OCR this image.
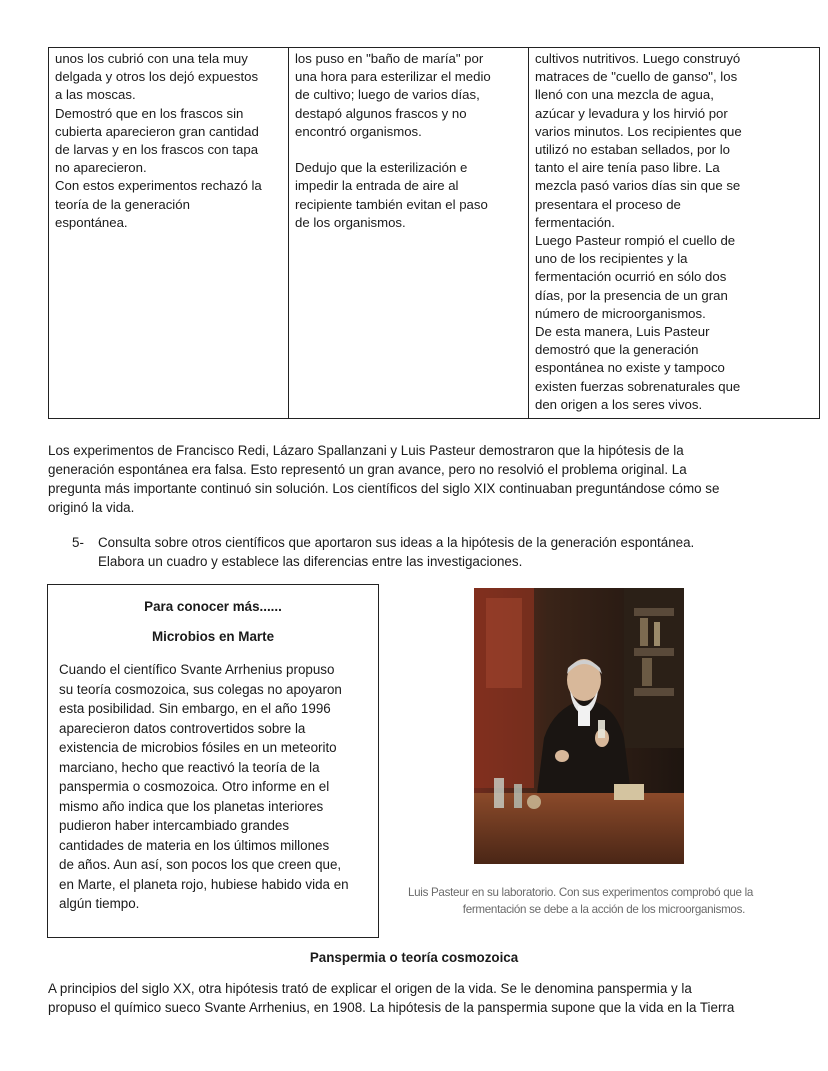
unos los cubrió con una tela muy
delgada y otros los dejó expuestos
a las moscas.
Demostró que en los frascos sin
cubierta aparecieron gran cantidad
de larvas y en los frascos con tapa
no aparecieron.
Con estos experimentos rechazó la
teoría de la generación
espontánea.

los puso en "baño de maría" por
una hora para esterilizar el medio
de cultivo; luego de varios días,
destapó algunos frascos y no
encontró organismos.
Dedujo que la esterilización e
impedir la entrada de aire al
recipiente también evitan el paso
de los organismos.

cultivos nutritivos. Luego construyó
matraces de "cuello de ganso", los
llenó con una mezcla de agua,
azúcar y levadura y los hirvió por
varios minutos. Los recipientes que
utilizó no estaban sellados, por lo
tanto el aire tenía paso libre. La
mezcla pasó varios días sin que se
presentara el proceso de
fermentación.
Luego Pasteur rompió el cuello de
uno de los recipientes y la
fermentación ocurrió en sólo dos
días, por la presencia de un gran
número de microorganismos.
De esta manera, Luis Pasteur
demostró que la generación
espontánea no existe y tampoco
existen fuerzas sobrenaturales que
den origen a los seres vivos.
Los experimentos de Francisco Redi, Lázaro Spallanzani y Luis Pasteur demostraron que la hipótesis de la
generación espontánea era falsa. Esto representó un gran avance, pero no resolvió el problema original. La
pregunta más importante continuó sin solución. Los científicos del siglo XIX continuaban preguntándose cómo se
originó la vida.
5-	Consulta sobre otros científicos que aportaron sus ideas a la hipótesis de la generación espontánea.
Elabora un cuadro y establece las diferencias entre las investigaciones.
Para conocer más......
Microbios en Marte
Cuando el científico Svante Arrhenius propuso
su teoría cosmozoica, sus colegas no apoyaron
esta posibilidad. Sin embargo, en el año 1996
aparecieron datos controvertidos sobre la
existencia de microbios fósiles en un meteorito
marciano, hecho que reactivó la teoría de la
panspermia o cosmozoica. Otro informe en el
mismo año indica que los planetas interiores
pudieron haber intercambiado grandes
cantidades de materia en los últimos millones
de años. Aun así, son pocos los que creen que,
en Marte, el planeta rojo, hubiese habido vida en
algún tiempo.
Luis Pasteur en su laboratorio. Con sus experimentos comprobó que la
fermentación se debe a la acción de los microorganismos.
Panspermia o teoría cosmozoica
A principios del siglo XX, otra hipótesis trató de explicar el origen de la vida. Se le denomina panspermia y la
propuso el químico sueco Svante Arrhenius, en 1908. La hipótesis de la panspermia supone que la vida en la Tierra
